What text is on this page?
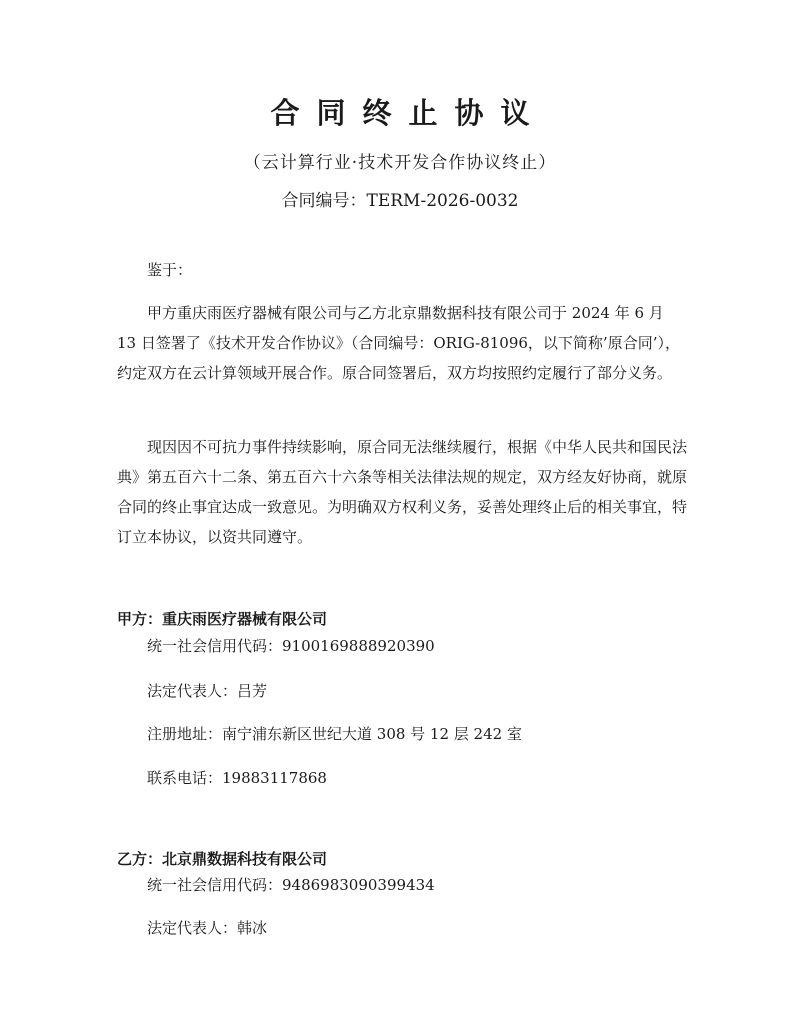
合同终止协议
（云计算行业·技术开发合作协议终止）
合同编号：TERM-2026-0032
鉴于：
甲方重庆雨医疗器械有限公司与乙方北京鼎数据科技有限公司于 2024 年 6 月 13 日签署了《技术开发合作协议》（合同编号：ORIG-81096，以下简称’原合同’），约定双方在云计算领域开展合作。原合同签署后，双方均按照约定履行了部分义务。
现因因不可抗力事件持续影响，原合同无法继续履行，根据《中华人民共和国民法典》第五百六十二条、第五百六十六条等相关法律法规的规定，双方经友好协商，就原合同的终止事宜达成一致意见。为明确双方权利义务，妥善处理终止后的相关事宜，特订立本协议，以资共同遵守。
甲方：重庆雨医疗器械有限公司
统一社会信用代码：9100169888920390
法定代表人：吕芳
注册地址：南宁浦东新区世纪大道 308 号 12 层 242 室
联系电话：19883117868
乙方：北京鼎数据科技有限公司
统一社会信用代码：9486983090399434
法定代表人：韩冰
